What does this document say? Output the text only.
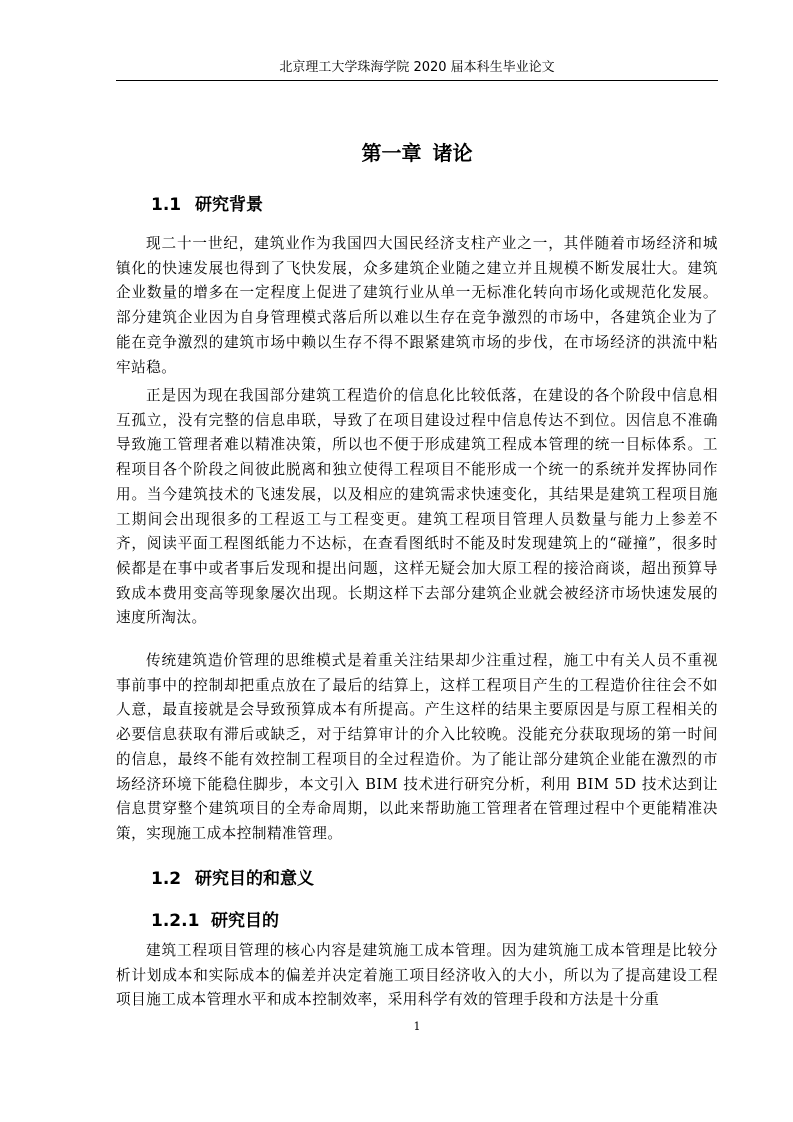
北京理工大学珠海学院 2020 届本科生毕业论文
第一章 诸论
1.1 研究背景

现二十一世纪，建筑业作为我国四大国民经济支柱产业之一，其伴随着市场经济和城镇化的快速发展也得到了飞快发展，众多建筑企业随之建立并且规模不断发展壮大。建筑企业数量的增多在一定程度上促进了建筑行业从单一无标准化转向市场化或规范化发展。部分建筑企业因为自身管理模式落后所以难以生存在竞争激烈的市场中，各建筑企业为了能在竞争激烈的建筑市场中赖以生存不得不跟紧建筑市场的步伐，在市场经济的洪流中粘牢站稳。

正是因为现在我国部分建筑工程造价的信息化比较低落，在建设的各个阶段中信息相互孤立，没有完整的信息串联，导致了在项目建设过程中信息传达不到位。因信息不准确导致施工管理者难以精准决策，所以也不便于形成建筑工程成本管理的统一目标体系。工程项目各个阶段之间彼此脱离和独立使得工程项目不能形成一个统一的系统并发挥协同作用。当今建筑技术的飞速发展，以及相应的建筑需求快速变化，其结果是建筑工程项目施工期间会出现很多的工程返工与工程变更。建筑工程项目管理人员数量与能力上参差不齐，阅读平面工程图纸能力不达标，在查看图纸时不能及时发现建筑上的“碰撞”，很多时候都是在事中或者事后发现和提出问题，这样无疑会加大原工程的接洽商谈，超出预算导致成本费用变高等现象屡次出现。长期这样下去部分建筑企业就会被经济市场快速发展的速度所淘汰。

传统建筑造价管理的思维模式是着重关注结果却少注重过程，施工中有关人员不重视事前事中的控制却把重点放在了最后的结算上，这样工程项目产生的工程造价往往会不如人意，最直接就是会导致预算成本有所提高。产生这样的结果主要原因是与原工程相关的必要信息获取有滞后或缺乏，对于结算审计的介入比较晚。没能充分获取现场的第一时间的信息，最终不能有效控制工程项目的全过程造价。为了能让部分建筑企业能在激烈的市场经济环境下能稳住脚步，本文引入 BIM 技术进行研究分析，利用 BIM 5D 技术达到让信息贯穿整个建筑项目的全寿命周期，以此来帮助施工管理者在管理过程中个更能精准决策，实现施工成本控制精准管理。

1.2 研究目的和意义
1.2.1 研究目的

建筑工程项目管理的核心内容是建筑施工成本管理。因为建筑施工成本管理是比较分析计划成本和实际成本的偏差并决定着施工项目经济收入的大小，所以为了提高建设工程项目施工成本管理水平和成本控制效率，采用科学有效的管理手段和方法是十分重

1
